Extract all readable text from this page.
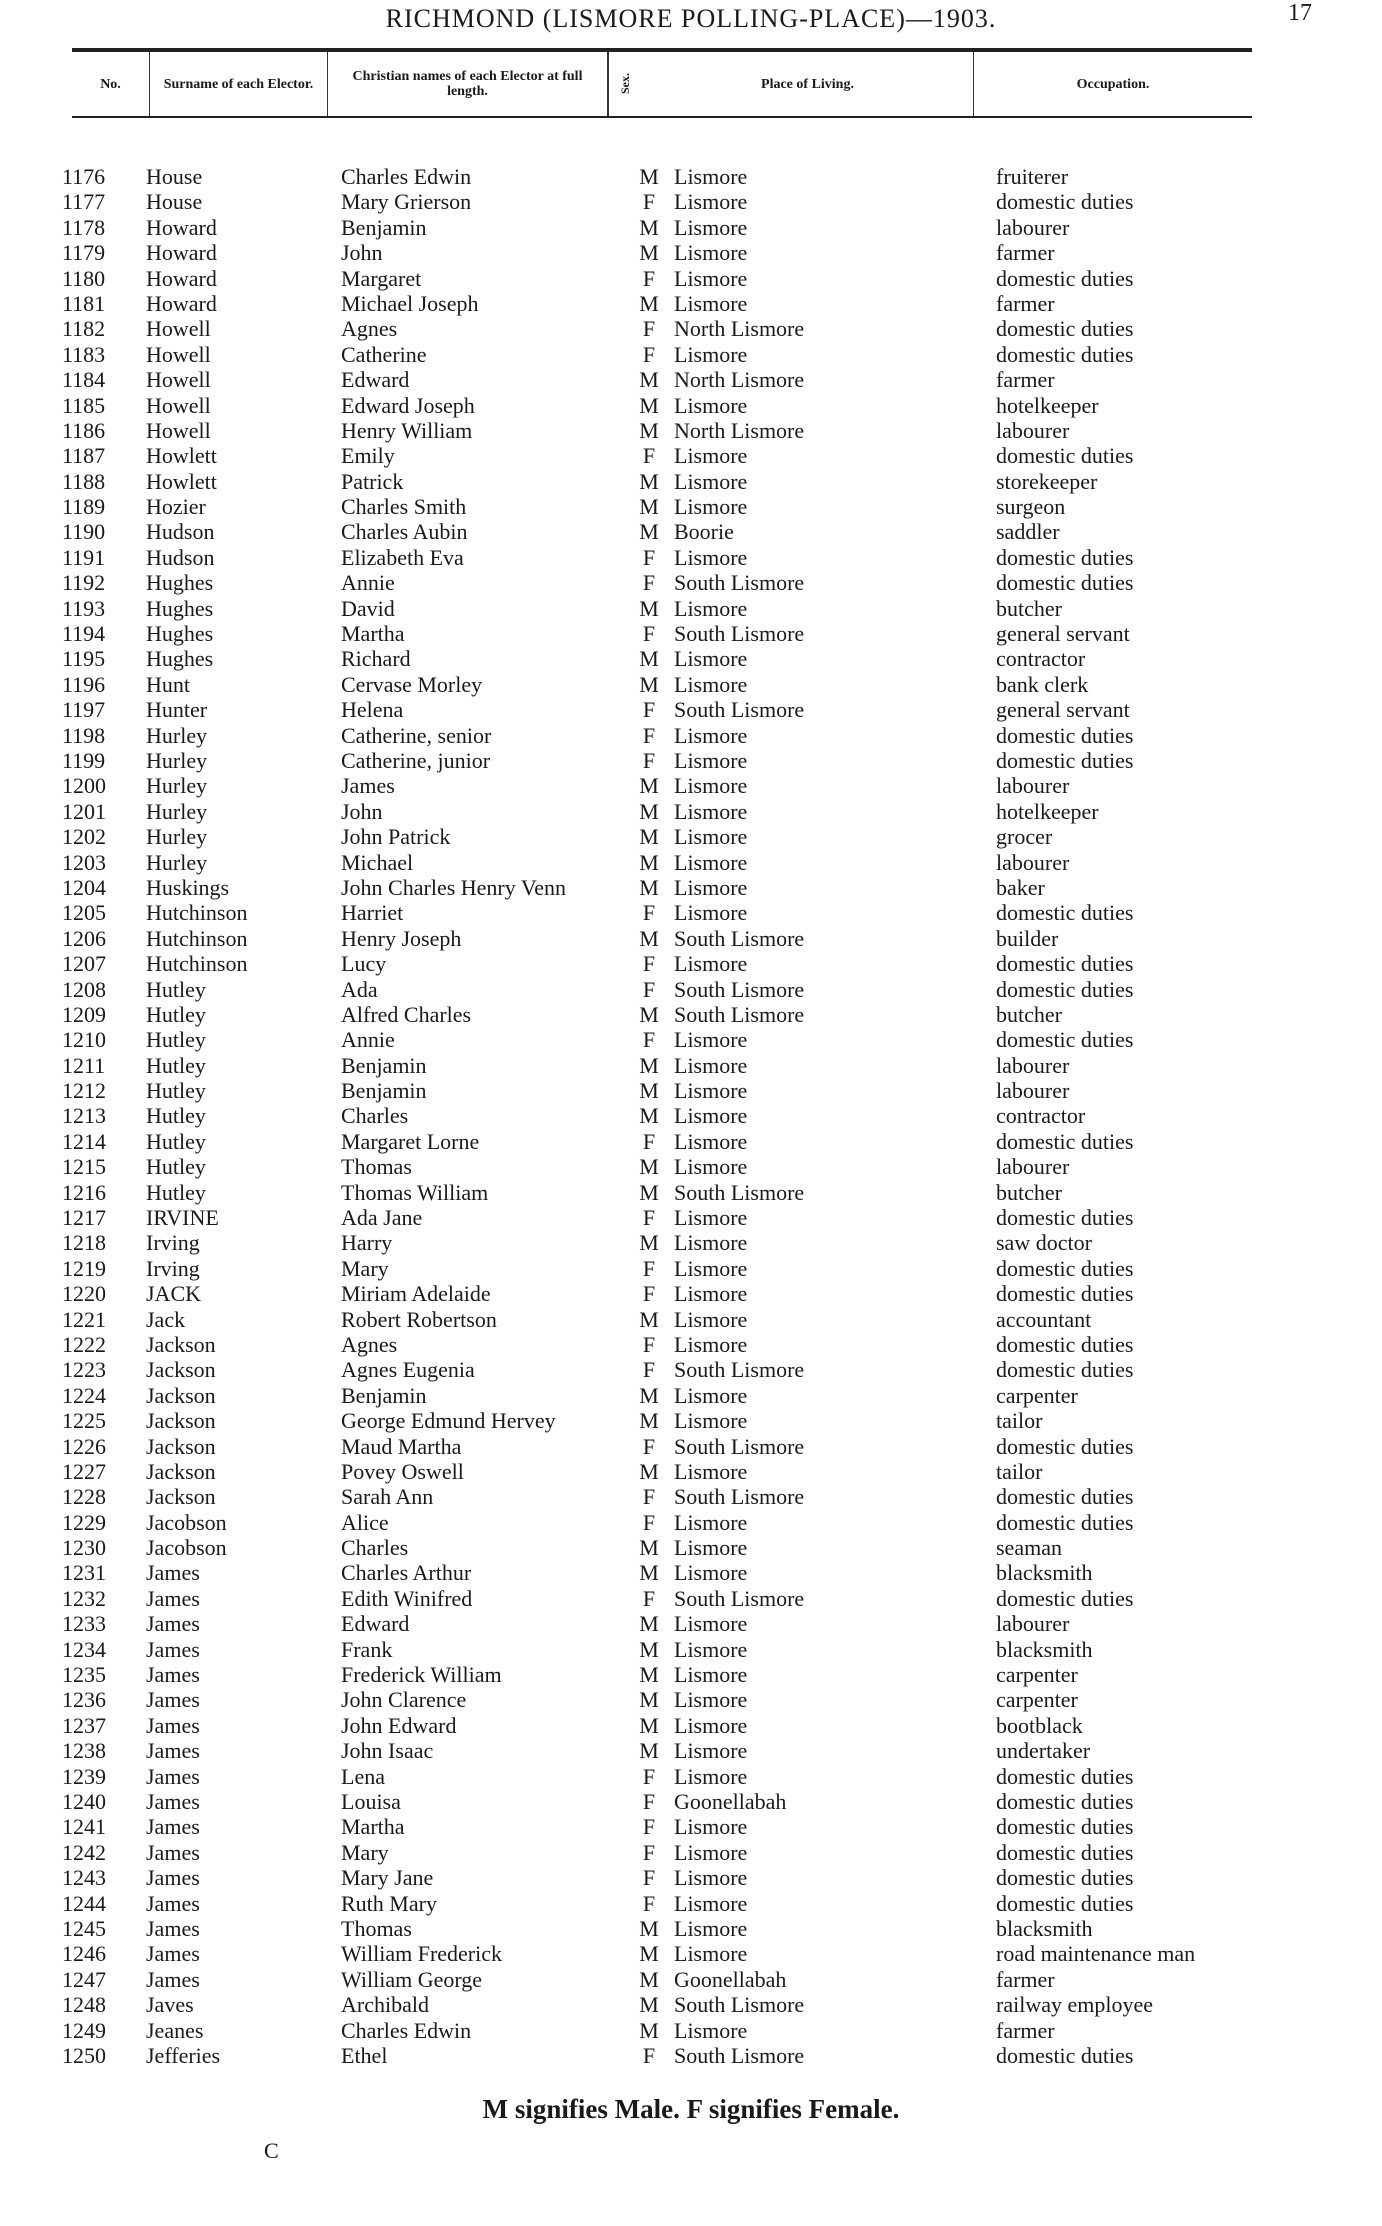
RICHMOND (LISMORE POLLING-PLACE)—1903.	17
No.	Surname of each Elector.	Christian names of each Elector at full length.	Sex.	Place of Living.	Occupation.
1176	House	Charles Edwin	M Lismore	fruiterer
1177	House	Mary Grierson	F Lismore	domestic duties
1178	Howard	Benjamin	M Lismore	labourer
1179	Howard	John	M Lismore	farmer
1180	Howard	Margaret	F Lismore	domestic duties
1181	Howard	Michael Joseph	M Lismore	farmer
1182	Howell	Agnes	F North Lismore	domestic duties
1183	Howell	Catherine	F Lismore	domestic duties
1184	Howell	Edward	M North Lismore	farmer
1185	Howell	Edward Joseph	M Lismore	hotelkeeper
1186	Howell	Henry William	M North Lismore	labourer
1187	Howlett	Emily	F Lismore	domestic duties
1188	Howlett	Patrick	M Lismore	storekeeper
1189	Hozier	Charles Smith	M Lismore	surgeon
1190	Hudson	Charles Aubin	M Boorie	saddler
1191	Hudson	Elizabeth Eva	F Lismore	domestic duties
1192	Hughes	Annie	F South Lismore	domestic duties
1193	Hughes	David	M Lismore	butcher
1194	Hughes	Martha	F South Lismore	general servant
1195	Hughes	Richard	M Lismore	contractor
1196	Hunt	Cervase Morley	M Lismore	bank clerk
1197	Hunter	Helena	F South Lismore	general servant
1198	Hurley	Catherine, senior	F Lismore	domestic duties
1199	Hurley	Catherine, junior	F Lismore	domestic duties
1200	Hurley	James	M Lismore	labourer
1201	Hurley	John	M Lismore	hotelkeeper
1202	Hurley	John Patrick	M Lismore	grocer
1203	Hurley	Michael	M Lismore	labourer
1204	Huskings	John Charles Henry Venn	M Lismore	baker
1205	Hutchinson	Harriet	F Lismore	domestic duties
1206	Hutchinson	Henry Joseph	M South Lismore	builder
1207	Hutchinson	Lucy	F Lismore	domestic duties
1208	Hutley	Ada	F South Lismore	domestic duties
1209	Hutley	Alfred Charles	M South Lismore	butcher
1210	Hutley	Annie	F Lismore	domestic duties
1211	Hutley	Benjamin	M Lismore	labourer
1212	Hutley	Benjamin	M Lismore	labourer
1213	Hutley	Charles	M Lismore	contractor
1214	Hutley	Margaret Lorne	F Lismore	domestic duties
1215	Hutley	Thomas	M Lismore	labourer
1216	Hutley	Thomas William	M South Lismore	butcher
1217	IRVINE	Ada Jane	F Lismore	domestic duties
1218	Irving	Harry	M Lismore	saw doctor
1219	Irving	Mary	F Lismore	domestic duties
1220	JACK	Miriam Adelaide	F Lismore	domestic duties
1221	Jack	Robert Robertson	M Lismore	accountant
1222	Jackson	Agnes	F Lismore	domestic duties
1223	Jackson	Agnes Eugenia	F South Lismore	domestic duties
1224	Jackson	Benjamin	M Lismore	carpenter
1225	Jackson	George Edmund Hervey	M Lismore	tailor
1226	Jackson	Maud Martha	F South Lismore	domestic duties
1227	Jackson	Povey Oswell	M Lismore	tailor
1228	Jackson	Sarah Ann	F South Lismore	domestic duties
1229	Jacobson	Alice	F Lismore	domestic duties
1230	Jacobson	Charles	M Lismore	seaman
1231	James	Charles Arthur	M Lismore	blacksmith
1232	James	Edith Winifred	F South Lismore	domestic duties
1233	James	Edward	M Lismore	labourer
1234	James	Frank	M Lismore	blacksmith
1235	James	Frederick William	M Lismore	carpenter
1236	James	John Clarence	M Lismore	carpenter
1237	James	John Edward	M Lismore	bootblack
1238	James	John Isaac	M Lismore	undertaker
1239	James	Lena	F Lismore	domestic duties
1240	James	Louisa	F Goonellabah	domestic duties
1241	James	Martha	F Lismore	domestic duties
1242	James	Mary	F Lismore	domestic duties
1243	James	Mary Jane	F Lismore	domestic duties
1244	James	Ruth Mary	F Lismore	domestic duties
1245	James	Thomas	M Lismore	blacksmith
1246	James	William Frederick	M Lismore	road maintenance man
1247	James	William George	M Goonellabah	farmer
1248	Javes	Archibald	M South Lismore	railway employee
1249	Jeanes	Charles Edwin	M Lismore	farmer
1250	Jefferies	Ethel	F South Lismore	domestic duties
M signifies Male. F signifies Female.
C
